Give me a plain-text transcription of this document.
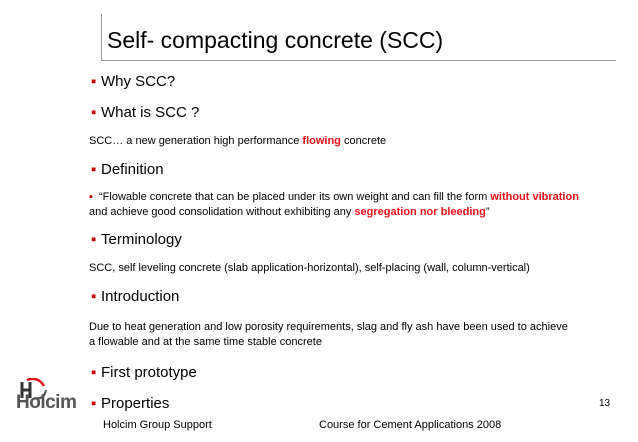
Self- compacting concrete (SCC)
▪Why SCC?
▪What is SCC ?
SCC… a new generation high performance flowing concrete
▪Definition
▪“Flowable concrete that can be placed under its own weight and can fill the form without vibration
and achieve good consolidation without exhibiting any segregation nor bleeding”
▪Terminology
SCC, self leveling concrete (slab application-horizontal), self-placing (wall, column-vertical)
▪Introduction
Due to heat generation and low porosity requirements, slag and fly ash have been used to achieve
a flowable and at the same time stable concrete
▪First prototype
▪Properties	13
Holcim
Holcim Group Support	Course for Cement Applications 2008
